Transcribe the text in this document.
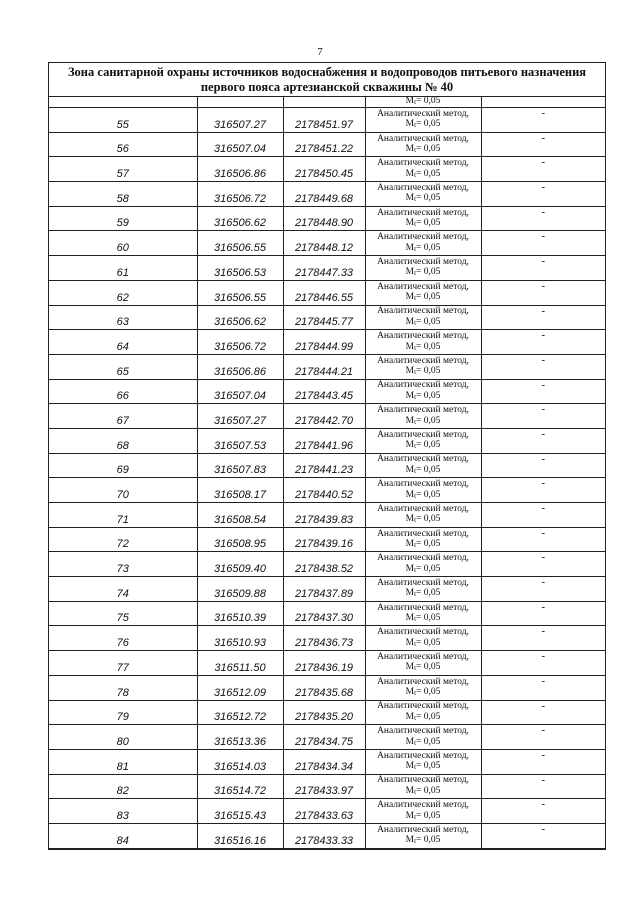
7
Зона санитарной охраны источников водоснабжения и водопроводов питьевого назначения
первого пояса артезианской скважины № 40
			$M_t= 0,05$	
55	316507.27	2178451.97	Аналитический метод,
$M_t= 0,05$	-
56	316507.04	2178451.22	Аналитический метод,
$M_t= 0,05$	-
57	316506.86	2178450.45	Аналитический метод,
$M_t= 0,05$	-
58	316506.72	2178449.68	Аналитический метод,
$M_t= 0,05$	-
59	316506.62	2178448.90	Аналитический метод,
$M_t= 0,05$	-
60	316506.55	2178448.12	Аналитический метод,
$M_t= 0,05$	-
61	316506.53	2178447.33	Аналитический метод,
$M_t= 0,05$	-
62	316506.55	2178446.55	Аналитический метод,
$M_t= 0,05$	-
63	316506.62	2178445.77	Аналитический метод,
$M_t= 0,05$	-
64	316506.72	2178444.99	Аналитический метод,
$M_t= 0,05$	-
65	316506.86	2178444.21	Аналитический метод,
$M_t= 0,05$	-
66	316507.04	2178443.45	Аналитический метод,
$M_t= 0,05$	-
67	316507.27	2178442.70	Аналитический метод,
$M_t= 0,05$	-
68	316507.53	2178441.96	Аналитический метод,
$M_t= 0,05$	-
69	316507.83	2178441.23	Аналитический метод,
$M_t= 0,05$	-
70	316508.17	2178440.52	Аналитический метод,
$M_t= 0,05$	-
71	316508.54	2178439.83	Аналитический метод,
$M_t= 0,05$	-
72	316508.95	2178439.16	Аналитический метод,
$M_t= 0,05$	-
73	316509.40	2178438.52	Аналитический метод,
$M_t= 0,05$	-
74	316509.88	2178437.89	Аналитический метод,
$M_t= 0,05$	-
75	316510.39	2178437.30	Аналитический метод,
$M_t= 0,05$	-
76	316510.93	2178436.73	Аналитический метод,
$M_t= 0,05$	-
77	316511.50	2178436.19	Аналитический метод,
$M_t= 0,05$	-
78	316512.09	2178435.68	Аналитический метод,
$M_t= 0,05$	-
79	316512.72	2178435.20	Аналитический метод,
$M_t= 0,05$	-
80	316513.36	2178434.75	Аналитический метод,
$M_t= 0,05$	-
81	316514.03	2178434.34	Аналитический метод,
$M_t= 0,05$	-
82	316514.72	2178433.97	Аналитический метод,
$M_t= 0,05$	-
83	316515.43	2178433.63	Аналитический метод,
$M_t= 0,05$	-
84	316516.16	2178433.33	Аналитический метод,
$M_t= 0,05$	-
